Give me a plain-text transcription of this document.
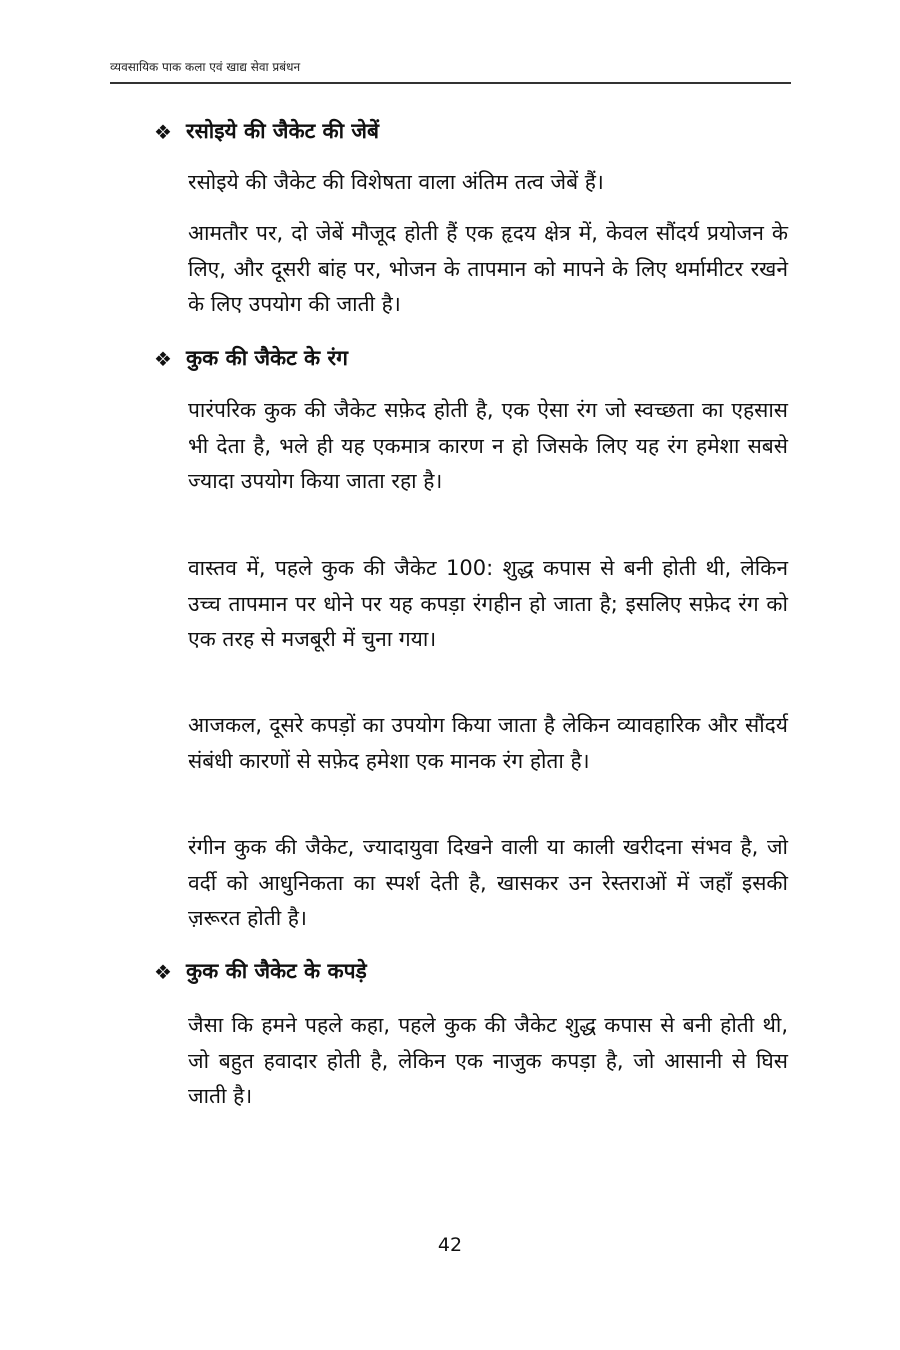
व्यवसायिक पाक कला एवं खाद्य सेवा प्रबंधन
❖ रसोइये की जैकेट की जेबें

रसोइये की जैकेट की विशेषता वाला अंतिम तत्व जेबें हैं।

आमतौर पर, दो जेबें मौजूद होती हैं एक हृदय क्षेत्र में, केवल सौंदर्य प्रयोजन के लिए, और दूसरी बांह पर, भोजन के तापमान को मापने के लिए थर्मामीटर रखने के लिए उपयोग की जाती है।

❖ कुक की जैकेट के रंग

पारंपरिक कुक की जैकेट सफ़ेद होती है, एक ऐसा रंग जो स्वच्छता का एहसास भी देता है, भले ही यह एकमात्र कारण न हो जिसके लिए यह रंग हमेशा सबसे ज्यादा उपयोग किया जाता रहा है।

वास्तव में, पहले कुक की जैकेट 100: शुद्ध कपास से बनी होती थी, लेकिन उच्च तापमान पर धोने पर यह कपड़ा रंगहीन हो जाता है; इसलिए सफ़ेद रंग को एक तरह से मजबूरी में चुना गया।

आजकल, दूसरे कपड़ों का उपयोग किया जाता है लेकिन व्यावहारिक और सौंदर्य संबंधी कारणों से सफ़ेद हमेशा एक मानक रंग होता है।

रंगीन कुक की जैकेट, ज्यादायुवा दिखने वाली या काली खरीदना संभव है, जो वर्दी को आधुनिकता का स्पर्श देती है, खासकर उन रेस्तराओं में जहाँ इसकी ज़रूरत होती है।

❖ कुक की जैकेट के कपड़े

जैसा कि हमने पहले कहा, पहले कुक की जैकेट शुद्ध कपास से बनी होती थी, जो बहुत हवादार होती है, लेकिन एक नाजुक कपड़ा है, जो आसानी से घिस जाती है।

42
